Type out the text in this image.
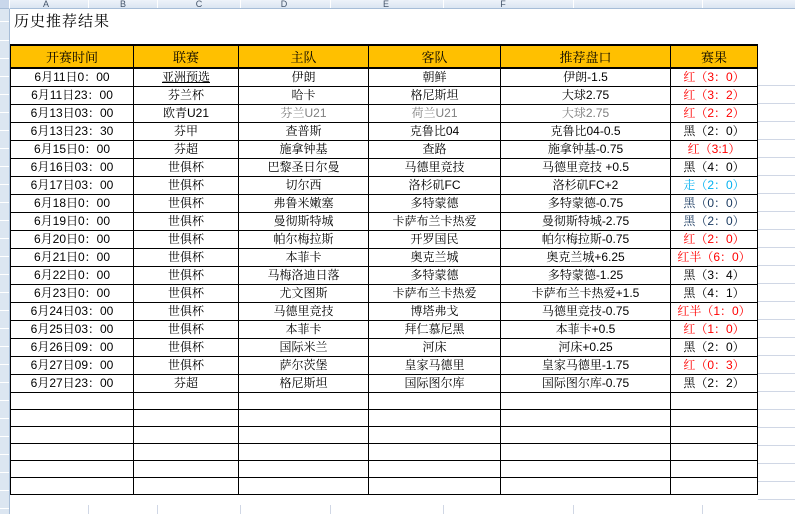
A	B	C	D	E	F
历史推荐结果
开赛时间	联赛	主队	客队	推荐盘口	赛果
6月11日0：00	亚洲预选	伊朗	朝鲜	伊朗-1.5	红（3：0）
6月11日23：00	芬兰杯	哈卡	格尼斯坦	大球2.75	红（3：2）
6月13日03：00	欧青U21	芬兰U21	荷兰U21	大球2.75	红（2：2）
6月13日23：30	芬甲	查普斯	克鲁比04	克鲁比04-0.5	黑（2：0）
6月15日0：00	芬超	施拿钟基	查路	施拿钟基-0.75	红（3:1）
6月16日03：00	世俱杯	巴黎圣日尔曼	马德里竞技	马德里竞技 +0.5	黑（4：0）
6月17日03：00	世俱杯	切尔西	洛杉矶FC	洛杉矶FC+2	走（2：0）
6月18日0：00	世俱杯	弗鲁米嫩塞	多特蒙德	多特蒙德-0.75	黑（0：0）
6月19日0：00	世俱杯	曼彻斯特城	卡萨布兰卡热爱	曼彻斯特城-2.75	黑（2：0）
6月20日0：00	世俱杯	帕尔梅拉斯	开罗国民	帕尔梅拉斯-0.75	红（2：0）
6月21日0：00	世俱杯	本菲卡	奥克兰城	奥克兰城+6.25	红半（6：0）
6月22日0：00	世俱杯	马梅洛迪日落	多特蒙德	多特蒙德-1.25	黑（3：4）
6月23日0：00	世俱杯	尤文图斯	卡萨布兰卡热爱	卡萨布兰卡热爱+1.5	黑（4：1）
6月24日03：00	世俱杯	马德里竞技	博塔弗戈	马德里竞技-0.75	红半（1：0）
6月25日03：00	世俱杯	本菲卡	拜仁慕尼黑	本菲卡+0.5	红（1：0）
6月26日09：00	世俱杯	国际米兰	河床	河床+0.25	黑（2：0）
6月27日09：00	世俱杯	萨尔茨堡	皇家马德里	皇家马德里-1.75	红（0：3）
6月27日23：00	芬超	格尼斯坦	国际图尔库	国际图尔库-0.75	黑（2：2）
